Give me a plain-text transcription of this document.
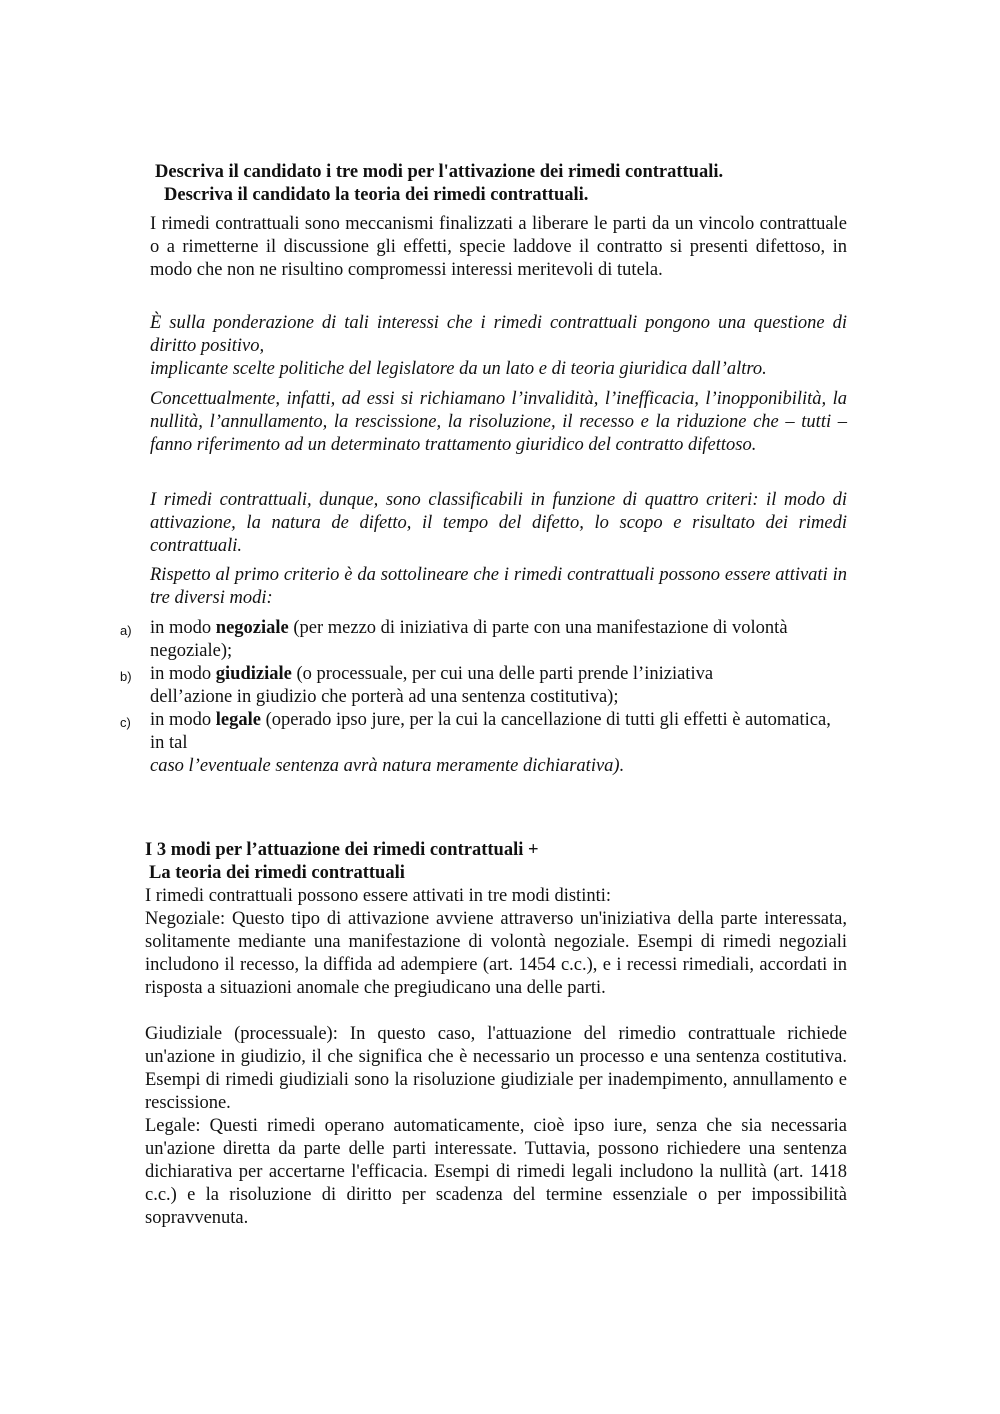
Descriva il candidato i tre modi per l'attivazione dei rimedi contrattuali.
Descriva il candidato la teoria dei rimedi contrattuali.

I rimedi contrattuali sono meccanismi finalizzati a liberare le parti da un vincolo contrattuale o a rimetterne il discussione gli effetti, specie laddove il contratto si presenti difettoso, in modo che non ne risultino compromessi interessi meritevoli di tutela.

È sulla ponderazione di tali interessi che i rimedi contrattuali pongono una questione di diritto positivo,

implicante scelte politiche del legislatore da un lato e di teoria giuridica dall’altro.

Concettualmente, infatti, ad essi si richiamano l’invalidità, l’inefficacia, l’inopponibilità, la nullità, l’annullamento, la rescissione, la risoluzione, il recesso e la riduzione che – tutti – fanno riferimento ad un determinato trattamento giuridico del contratto difettoso.

I rimedi contrattuali, dunque, sono classificabili in funzione di quattro criteri: il modo di attivazione, la natura de difetto, il tempo del difetto, lo scopo e risultato dei rimedi contrattuali.

Rispetto al primo criterio è da sottolineare che i rimedi contrattuali possono essere attivati in tre diversi modi:

a) in modo negoziale (per mezzo di iniziativa di parte con una manifestazione di volontà negoziale);
b) in modo giudiziale (o processuale, per cui una delle parti prende l’iniziativa
dell’azione in giudizio che porterà ad una sentenza costitutiva);
c) in modo legale (operado ipso jure, per la cui la cancellazione di tutti gli effetti è automatica, in tal
caso l’eventuale sentenza avrà natura meramente dichiarativa).
I 3 modi per l’attuazione dei rimedi contrattuali +
La teoria dei rimedi contrattuali

I rimedi contrattuali possono essere attivati in tre modi distinti:

Negoziale: Questo tipo di attivazione avviene attraverso un'iniziativa della parte interessata, solitamente mediante una manifestazione di volontà negoziale. Esempi di rimedi negoziali includono il recesso, la diffida ad adempiere (art. 1454 c.c.), e i recessi rimediali, accordati in risposta a situazioni anomale che pregiudicano una delle parti.

Giudiziale (processuale): In questo caso, l'attuazione del rimedio contrattuale richiede un'azione in giudizio, il che significa che è necessario un processo e una sentenza costitutiva. Esempi di rimedi giudiziali sono la risoluzione giudiziale per inadempimento, annullamento e rescissione.

Legale: Questi rimedi operano automaticamente, cioè ipso iure, senza che sia necessaria un'azione diretta da parte delle parti interessate. Tuttavia, possono richiedere una sentenza dichiarativa per accertarne l'efficacia. Esempi di rimedi legali includono la nullità (art. 1418 c.c.) e la risoluzione di diritto per scadenza del termine essenziale o per impossibilità sopravvenuta.
